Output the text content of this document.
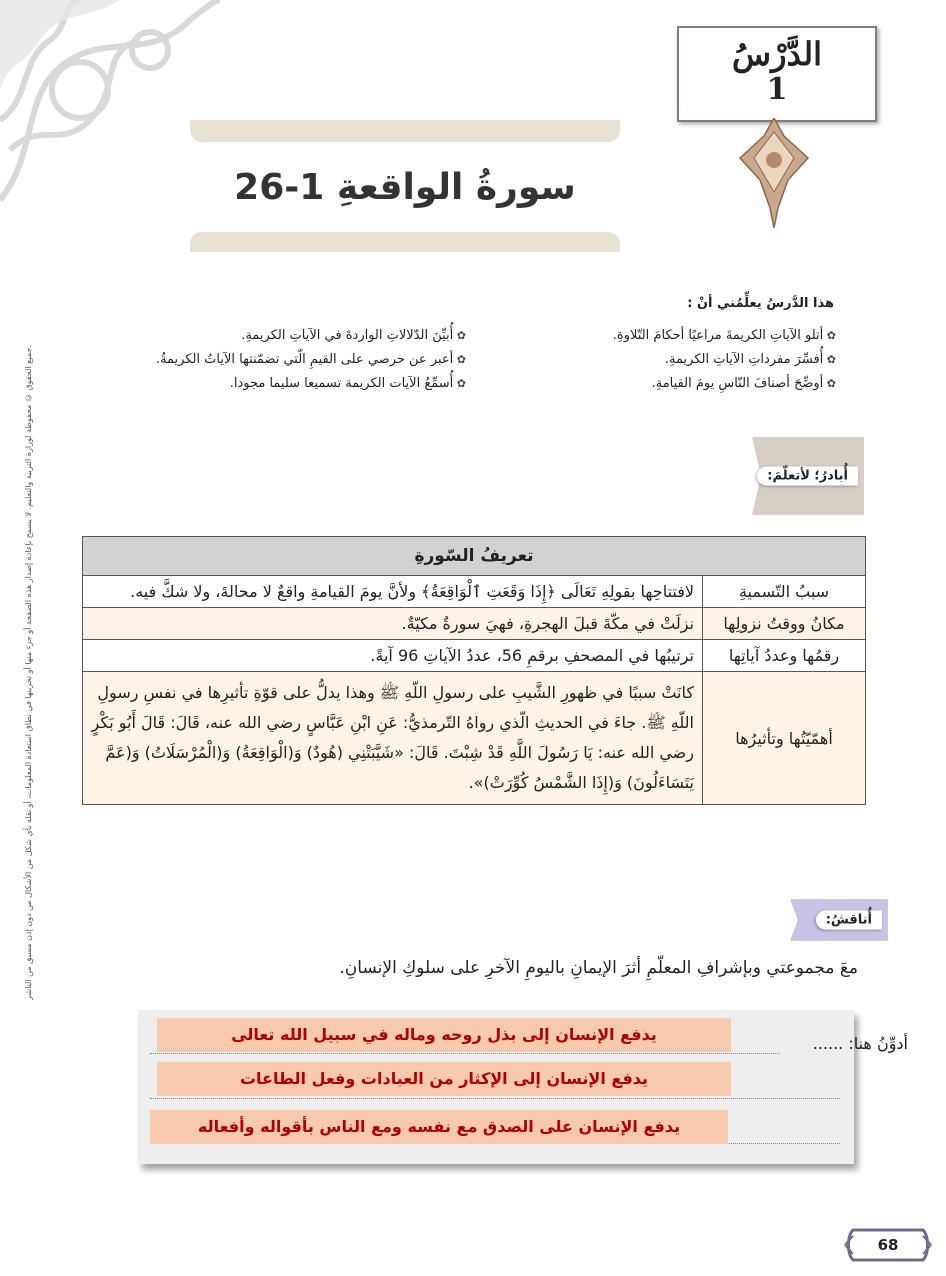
جميع الحقوق © محفوظة لوزارة التربية والتعليم. لا يسمح بإعادة إصدار هذه الصفحة أو جزء منها أو تخزينها في نطاق استعادة المعلومات، أو نقله بأي شكل من الأشكال من دون إذن مسبق من الناشر.
الدَّرْسُ
1
سورةُ الواقعةِ 1-26
هذا الدَّرسُ يعلِّمُني أنْ :
✿ أتلو الآياتِ الكريمةَ مراعيًا أحكامَ التّلاوةِ.
✿ أُفسِّرَ مفرداتِ الآياتِ الكريمةِ.
✿ أوضِّحَ أصنافَ النّاسِ يومَ القيامةِ.
✿ أُبيِّنَ الدّلالاتِ الواردةَ في الآياتِ الكريمةِ.
✿ أعبر عن حرصي على القيمِ الّتي تضمّنتها الآياتُ الكريمةُ.
✿ أُسمِّعُ الآيات الكريمة تسميعا سليما مجودا.
أُبادرُ؛ لأتعلّمَ:
تعريفُ السّورةِ	
سببُ التّسميةِ	لافتتاحِها بقولِهِ تَعَالَى ﴿إِذَا وَقَعَتِ ٱلْوَاقِعَةُ﴾ ولأنَّ يومَ القيامةِ واقعٌ لا محالةَ، ولا شكَّ فيه.
مكانُ ووقتُ نزولِها	نزلَتْ في مكّةَ قبلَ الهجرةِ، فهيَ سورةٌ مكيّةٌ.
رقمُها وعددُ آياتِها	ترتيبُها في المصحفِ برقمِ 56، عددُ الآياتِ 96 آيةً.
أهمّيّتُها وتأثيرُها	كانَتْ سببًا في ظهورِ الشَّيبِ على رسولِ اللّهِ ﷺ وهذا يدلُّ على قوّةِ تأثيرِها في نفسِ رسولِ اللّهِ ﷺ. جاءَ في الحديثِ الّذي رواهُ التّرمذيُّ: عَنِ ابْنِ عَبَّاسٍ رضي الله عنه، قَالَ: قَالَ أَبُو بَكْرٍ رضي الله عنه: يَا رَسُولَ اللَّهِ قَدْ شِبْتَ. قَالَ: «شَيَّبَتْنِي (هُودٌ) وَ(الْوَاقِعَةُ) وَ(الْمُرْسَلَاتُ) وَ(عَمَّ يَتَسَاءَلُونَ) وَ(إِذَا الشَّمْسُ كُوِّرَتْ)».
أُناقشُ:
معَ مجموعتي وبإشرافِ المعلّمِ أثرَ الإيمانِ باليومِ الآخرِ على سلوكِ الإنسانِ.
أدوِّنُ هنا: ......
يدفع الإنسان إلى بذل روحه وماله في سبيل الله تعالى
يدفع الإنسان إلى الإكثار من العبادات وفعل الطاعات
يدفع الإنسان على الصدق مع نفسه ومع الناس بأقواله وأفعاله
68
